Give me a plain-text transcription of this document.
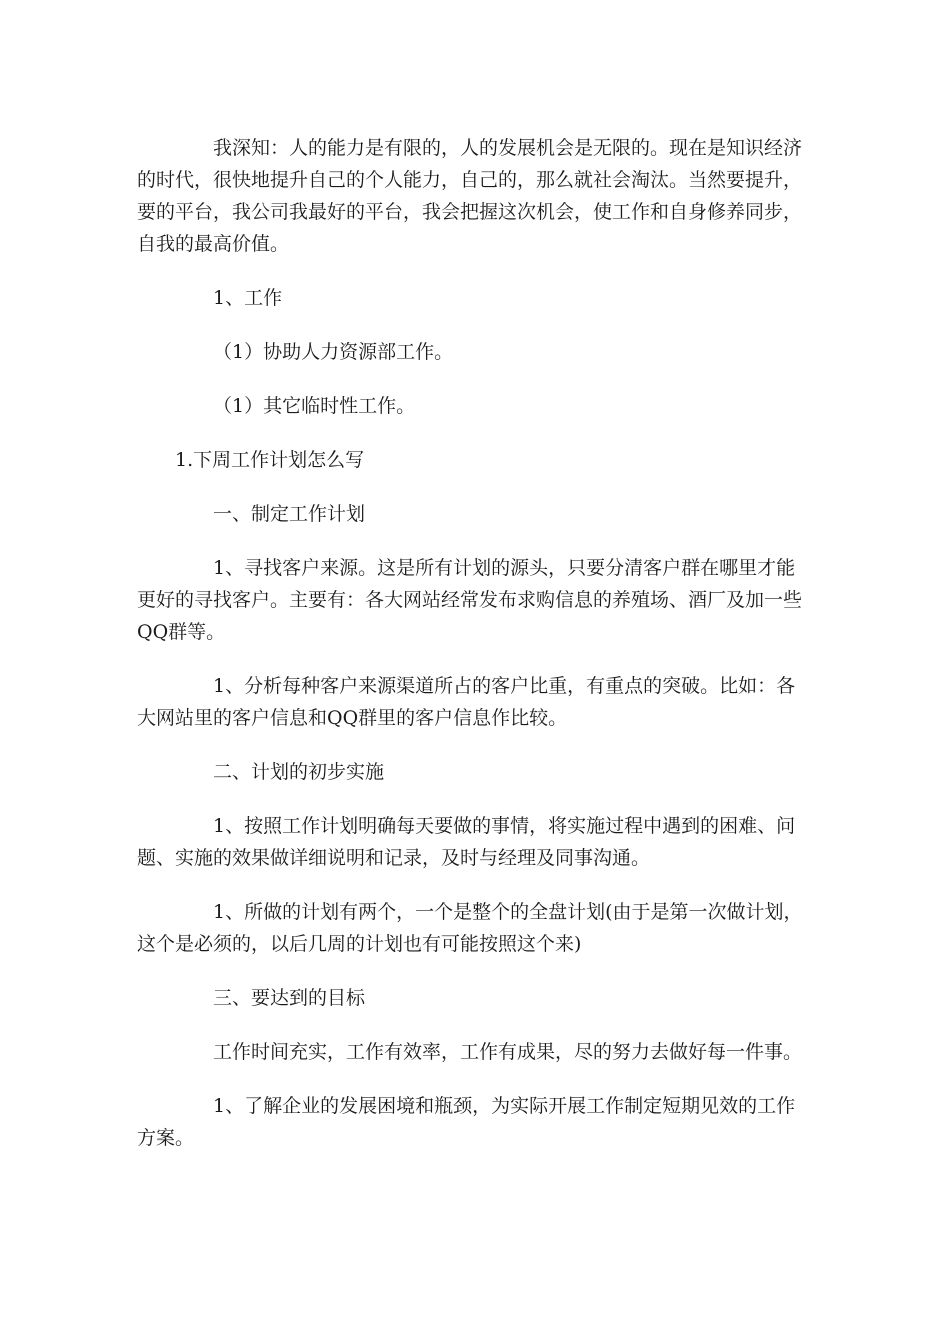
我深知：人的能力是有限的，人的发展机会是无限的。现在是知识经济的时代，很快地提升自己的个人能力，自己的，那么就社会淘汰。当然要提升，要的平台，我公司我最好的平台，我会把握这次机会，使工作和自身修养同步，自我的最高价值。

1、工作

（1）协助人力资源部工作。

（1）其它临时性工作。

1.下周工作计划怎么写

一、制定工作计划

1、寻找客户来源。这是所有计划的源头，只要分清客户群在哪里才能更好的寻找客户。主要有：各大网站经常发布求购信息的养殖场、酒厂及加一些QQ群等。

1、分析每种客户来源渠道所占的客户比重，有重点的突破。比如：各大网站里的客户信息和QQ群里的客户信息作比较。

二、计划的初步实施

1、按照工作计划明确每天要做的事情，将实施过程中遇到的困难、问题、实施的效果做详细说明和记录，及时与经理及同事沟通。

1、所做的计划有两个，一个是整个的全盘计划(由于是第一次做计划，这个是必须的，以后几周的计划也有可能按照这个来)

三、要达到的目标

工作时间充实，工作有效率，工作有成果，尽的努力去做好每一件事。

1、了解企业的发展困境和瓶颈，为实际开展工作制定短期见效的工作方案。
